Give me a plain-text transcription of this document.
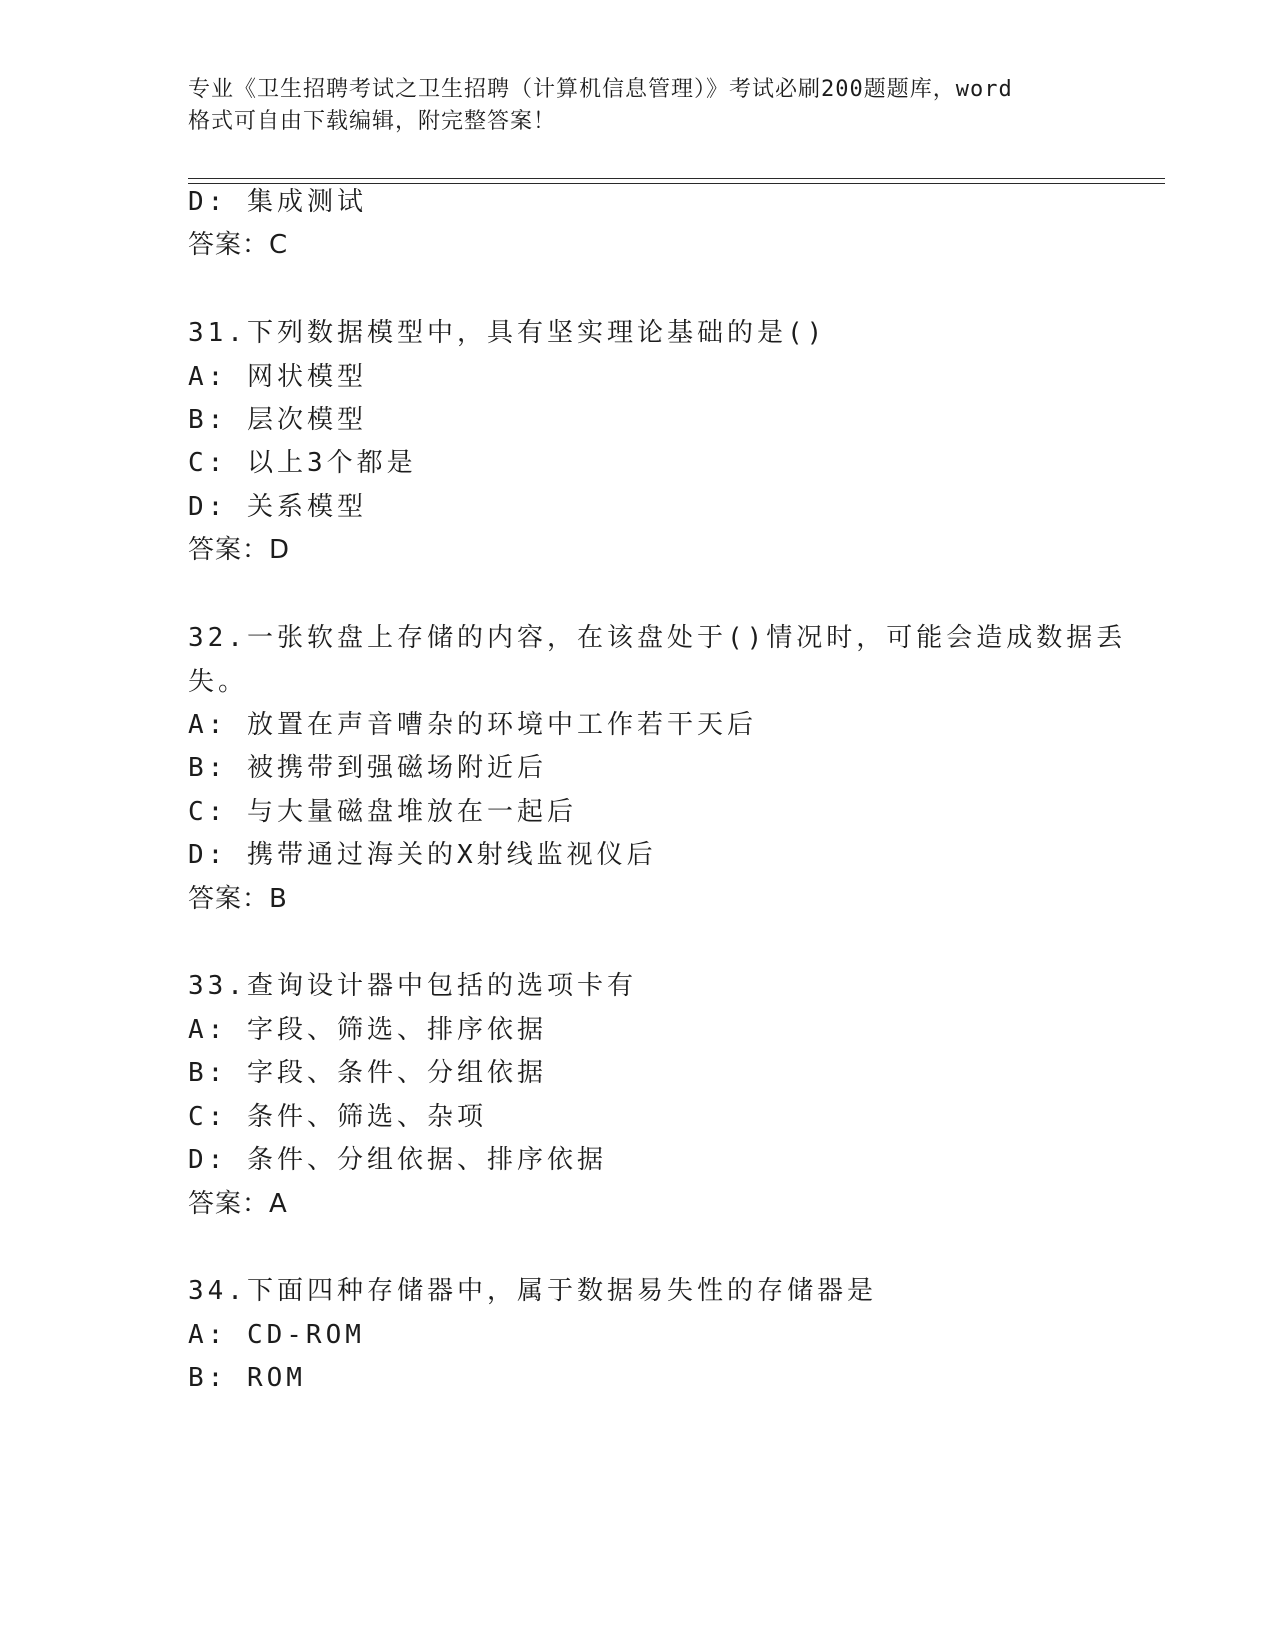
专业《卫生招聘考试之卫生招聘（计算机信息管理）》考试必刷200题题库，word
格式可自由下载编辑，附完整答案！
D: 集成测试
答案：C
31.下列数据模型中，具有坚实理论基础的是()
A: 网状模型
B: 层次模型
C: 以上3个都是
D: 关系模型
答案：D
32.一张软盘上存储的内容，在该盘处于()情况时，可能会造成数据丢
失。
A: 放置在声音嘈杂的环境中工作若干天后
B: 被携带到强磁场附近后
C: 与大量磁盘堆放在一起后
D: 携带通过海关的X射线监视仪后
答案：B
33.查询设计器中包括的选项卡有
A: 字段、筛选、排序依据
B: 字段、条件、分组依据
C: 条件、筛选、杂项
D: 条件、分组依据、排序依据
答案：A
34.下面四种存储器中，属于数据易失性的存储器是
A: CD-ROM
B: ROM
